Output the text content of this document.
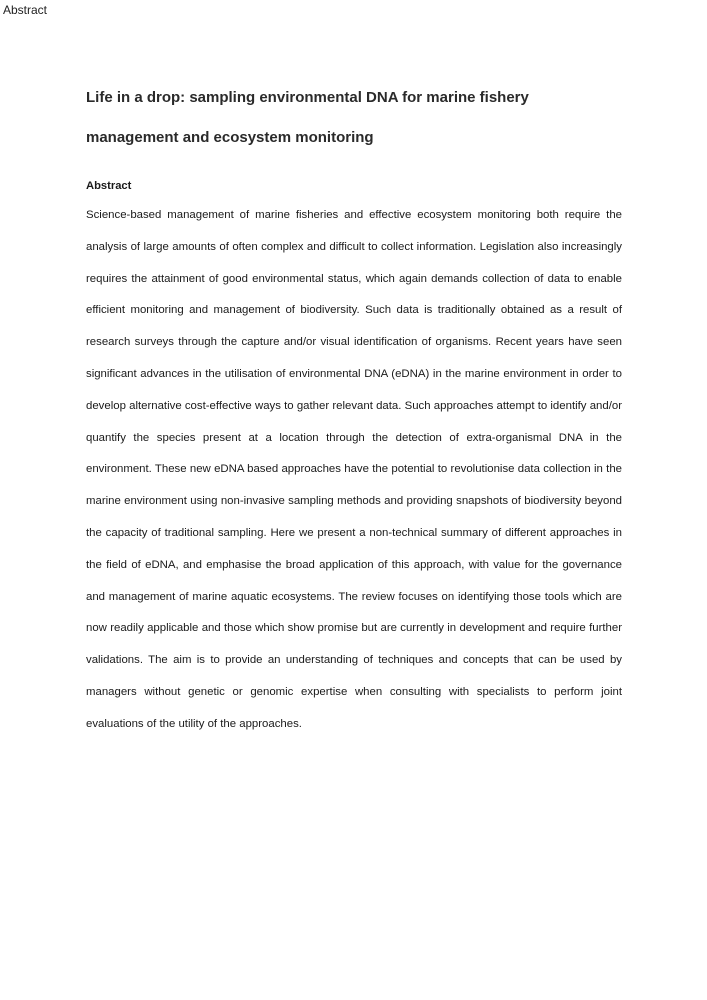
Abstract
Life in a drop: sampling environmental DNA for marine fishery management and ecosystem monitoring
Abstract

Science-based management of marine fisheries and effective ecosystem monitoring both require the analysis of large amounts of often complex and difficult to collect information. Legislation also increasingly requires the attainment of good environmental status, which again demands collection of data to enable efficient monitoring and management of biodiversity. Such data is traditionally obtained as a result of research surveys through the capture and/or visual identification of organisms. Recent years have seen significant advances in the utilisation of environmental DNA (eDNA) in the marine environment in order to develop alternative cost-effective ways to gather relevant data. Such approaches attempt to identify and/or quantify the species present at a location through the detection of extra-organismal DNA in the environment. These new eDNA based approaches have the potential to revolutionise data collection in the marine environment using non-invasive sampling methods and providing snapshots of biodiversity beyond the capacity of traditional sampling. Here we present a non-technical summary of different approaches in the field of eDNA, and emphasise the broad application of this approach, with value for the governance and management of marine aquatic ecosystems. The review focuses on identifying those tools which are now readily applicable and those which show promise but are currently in development and require further validations. The aim is to provide an understanding of techniques and concepts that can be used by managers without genetic or genomic expertise when consulting with specialists to perform joint evaluations of the utility of the approaches.
